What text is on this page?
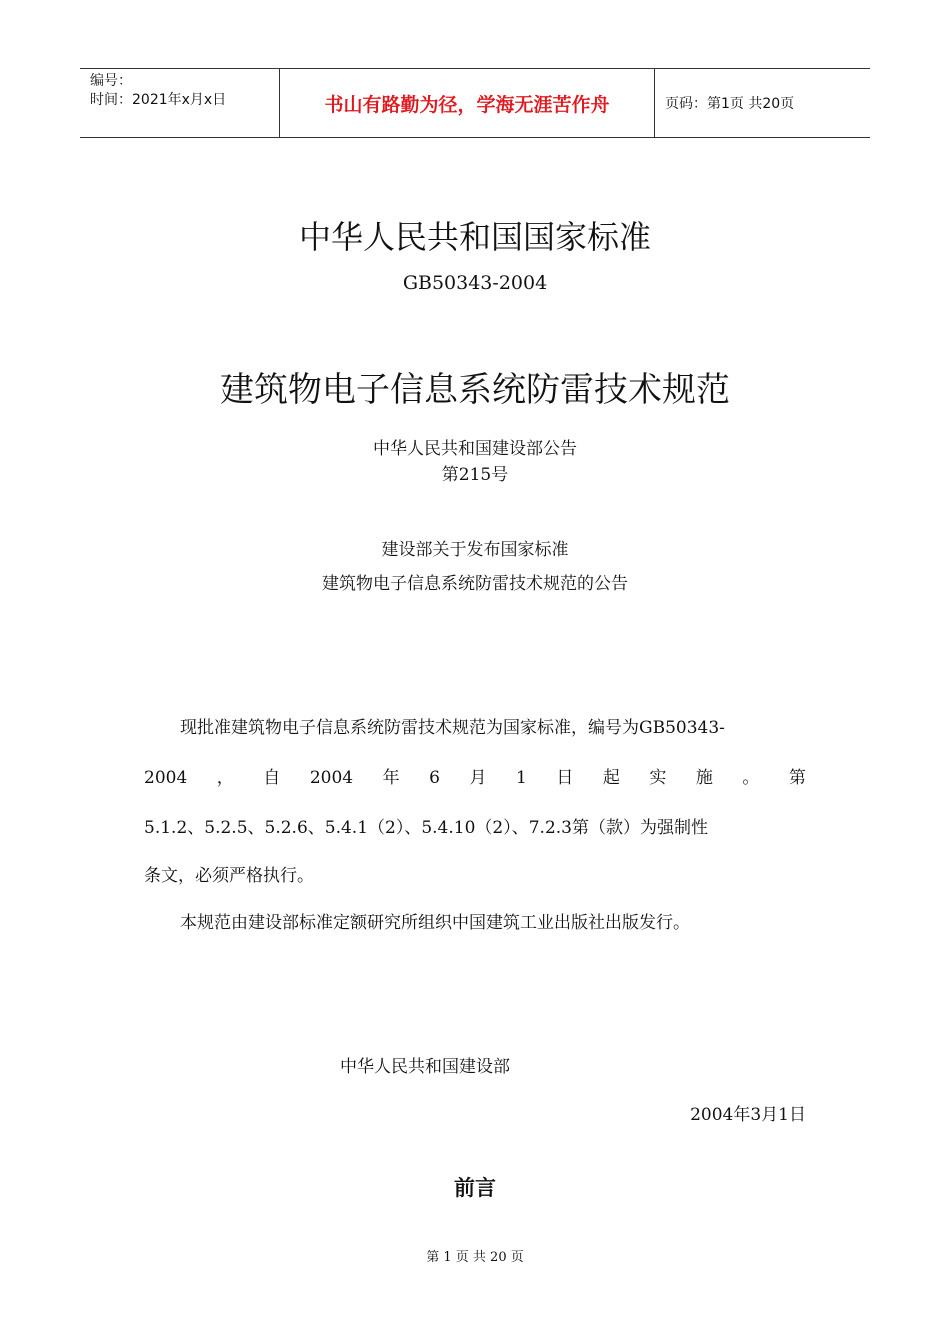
编号：
时间：2021年x月x日	书山有路勤为径，学海无涯苦作舟	页码：第1页 共20页
中华人民共和国国家标准
GB50343-2004
建筑物电子信息系统防雷技术规范
中华人民共和国建设部公告
第215号
建设部关于发布国家标准
建筑物电子信息系统防雷技术规范的公告
现批准建筑物电子信息系统防雷技术规范为国家标准，编号为GB50343-
2004 ， 自 2004 年 6 月 1 日 起 实 施 。 第
5.1.2、5.2.5、5.2.6、5.4.1（2）、5.4.10（2）、7.2.3第（款）为强制性
条文，必须严格执行。
本规范由建设部标准定额研究所组织中国建筑工业出版社出版发行。
中华人民共和国建设部
2004年3月1日
前言
第 1 页 共 20 页
